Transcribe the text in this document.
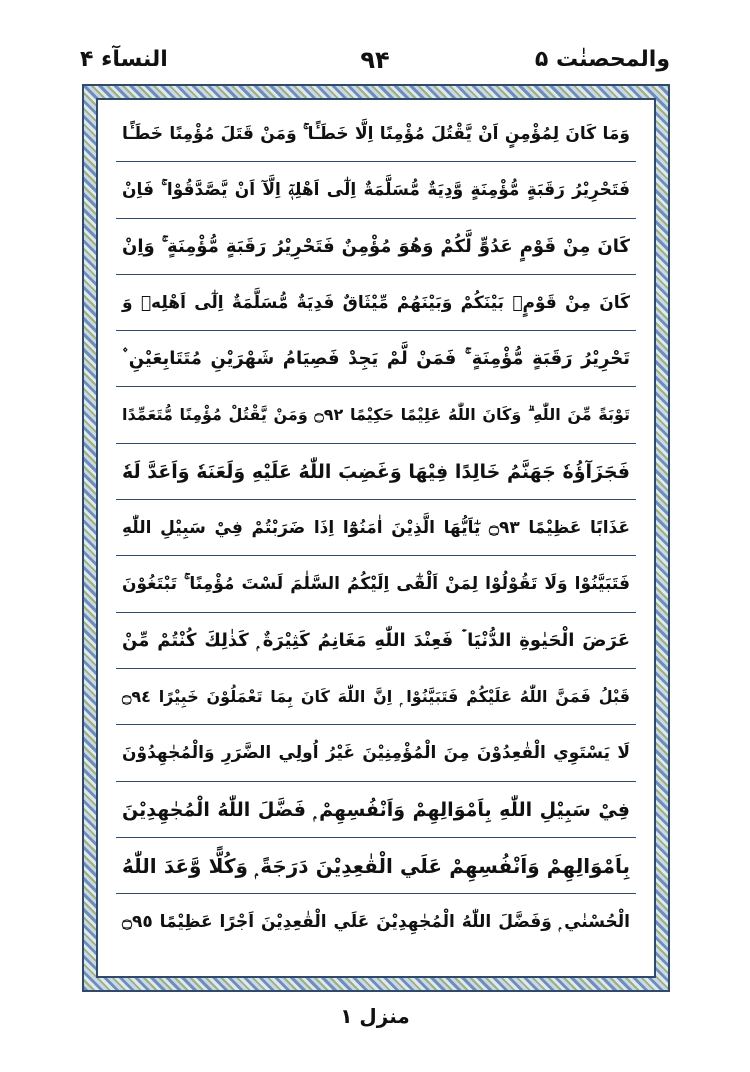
النسآء ۴	۹۴	والمحصنٰت ۵
وَمَا كَانَ لِمُؤْمِنٍ اَنْ يَّقْتُلَ مُؤْمِنًا اِلَّا خَطَـًٔا ۚ وَمَنْ قَتَلَ مُؤْمِنًا خَطَـًٔا
فَتَحْرِيْرُ رَقَبَةٍ مُّؤْمِنَةٍ وَّدِيَةٌ مُّسَلَّمَةٌ اِلٰٓى اَهْلِهٖٓ اِلَّآ اَنْ يَّصَّدَّقُوْا ۚ فَاِنْ
كَانَ مِنْ قَوْمٍ عَدُوٍّ لَّكُمْ وَهُوَ مُؤْمِنٌ فَتَحْرِيْرُ رَقَبَةٍ مُّؤْمِنَةٍ ۚ وَاِنْ
كَانَ مِنْ قَوْمٍۢ بَيْنَكُمْ وَبَيْنَهُمْ مِّيْثَاقٌ فَدِيَةٌ مُّسَلَّمَةٌ اِلٰٓى اَهْلِهٖ وَ
تَحْرِيْرُ رَقَبَةٍ مُّؤْمِنَةٍ ۚ فَمَنْ لَّمْ يَجِدْ فَصِيَامُ شَهْرَيْنِ مُتَتَابِعَيْنِ ۫
تَوْبَةً مِّنَ اللّٰهِ ۗ وَكَانَ اللّٰهُ عَلِيْمًا حَكِيْمًا ۝٩٢ وَمَنْ يَّقْتُلْ مُؤْمِنًا مُّتَعَمِّدًا
فَجَزَآؤُهٗ جَهَنَّمُ خَالِدًا فِيْهَا وَغَضِبَ اللّٰهُ عَلَيْهِ وَلَعَنَهٗ وَاَعَدَّ لَهٗ
عَذَابًا عَظِيْمًا ۝٩٣ يٰٓاَيُّهَا الَّذِيْنَ اٰمَنُوْٓا اِذَا ضَرَبْتُمْ فِيْ سَبِيْلِ اللّٰهِ
فَتَبَيَّنُوْا وَلَا تَقُوْلُوْا لِمَنْ اَلْقٰٓى اِلَيْكُمُ السَّلٰمَ لَسْتَ مُؤْمِنًا ۚ تَبْتَغُوْنَ
عَرَضَ الْحَيٰوةِ الدُّنْيَا ۡ فَعِنْدَ اللّٰهِ مَغَانِمُ كَثِيْرَةٌ ۭ كَذٰلِكَ كُنْتُمْ مِّنْ
قَبْلُ فَمَنَّ اللّٰهُ عَلَيْكُمْ فَتَبَيَّنُوْا ۭ اِنَّ اللّٰهَ كَانَ بِمَا تَعْمَلُوْنَ خَبِيْرًا ۝٩٤
لَا يَسْتَوِي الْقٰعِدُوْنَ مِنَ الْمُؤْمِنِيْنَ غَيْرُ اُولِي الضَّرَرِ وَالْمُجٰهِدُوْنَ
فِيْ سَبِيْلِ اللّٰهِ بِاَمْوَالِهِمْ وَاَنْفُسِهِمْ ۭ فَضَّلَ اللّٰهُ الْمُجٰهِدِيْنَ
بِاَمْوَالِهِمْ وَاَنْفُسِهِمْ عَلَي الْقٰعِدِيْنَ دَرَجَةً ۭ وَكُلًّا وَّعَدَ اللّٰهُ
الْحُسْنٰي ۭ وَفَضَّلَ اللّٰهُ الْمُجٰهِدِيْنَ عَلَي الْقٰعِدِيْنَ اَجْرًا عَظِيْمًا ۝٩٥
منزل ۱
